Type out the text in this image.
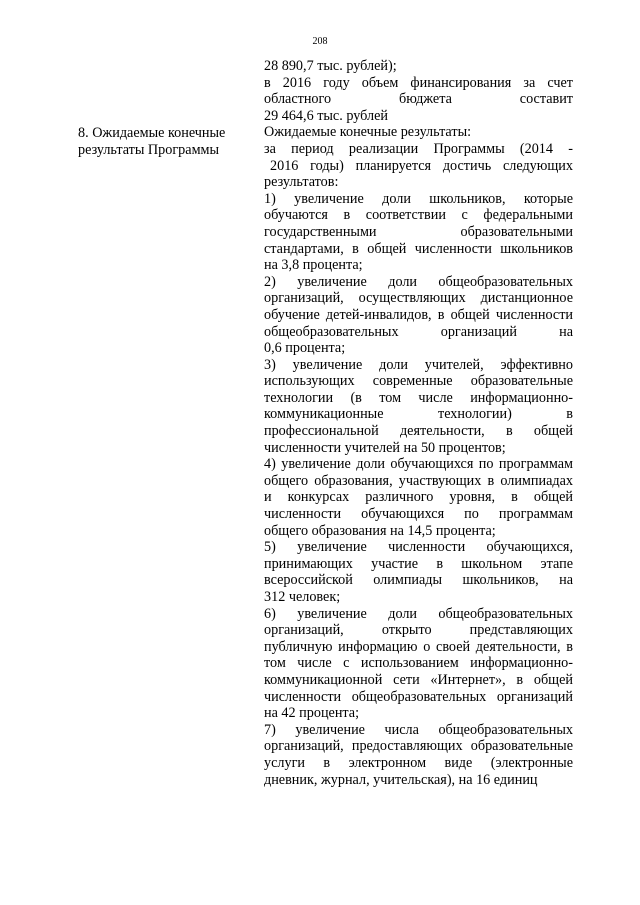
208
8. Ожидаемые конечные
результаты Программы
28 890,7 тыс. рублей);
в 2016 году объем финансирования за счет
областного бюджета составит
29 464,6 тыс. рублей
Ожидаемые конечные результаты:
за период реализации Программы (2014 -
2016 годы) планируется достичь следующих
результатов:
1) увеличение доли школьников, которые
обучаются в соответствии с федеральными
государственными образовательными
стандартами, в общей численности школьников
на 3,8 процента;
2) увеличение доли общеобразовательных
организаций, осуществляющих дистанционное
обучение детей-инвалидов, в общей численности
общеобразовательных организаций на
0,6 процента;
3) увеличение доли учителей, эффективно
использующих современные образовательные
технологии (в том числе информационно-
коммуникационные технологии) в
профессиональной деятельности, в общей
численности учителей на 50 процентов;
4) увеличение доли обучающихся по программам
общего образования, участвующих в олимпиадах
и конкурсах различного уровня, в общей
численности обучающихся по программам
общего образования на 14,5 процента;
5) увеличение численности обучающихся,
принимающих участие в школьном этапе
всероссийской олимпиады школьников, на
312 человек;
6) увеличение доли общеобразовательных
организаций, открыто представляющих
публичную информацию о своей деятельности, в
том числе с использованием информационно-
коммуникационной сети «Интернет», в общей
численности общеобразовательных организаций
на 42 процента;
7) увеличение числа общеобразовательных
организаций, предоставляющих образовательные
услуги в электронном виде (электронные
дневник, журнал, учительская), на 16 единиц
